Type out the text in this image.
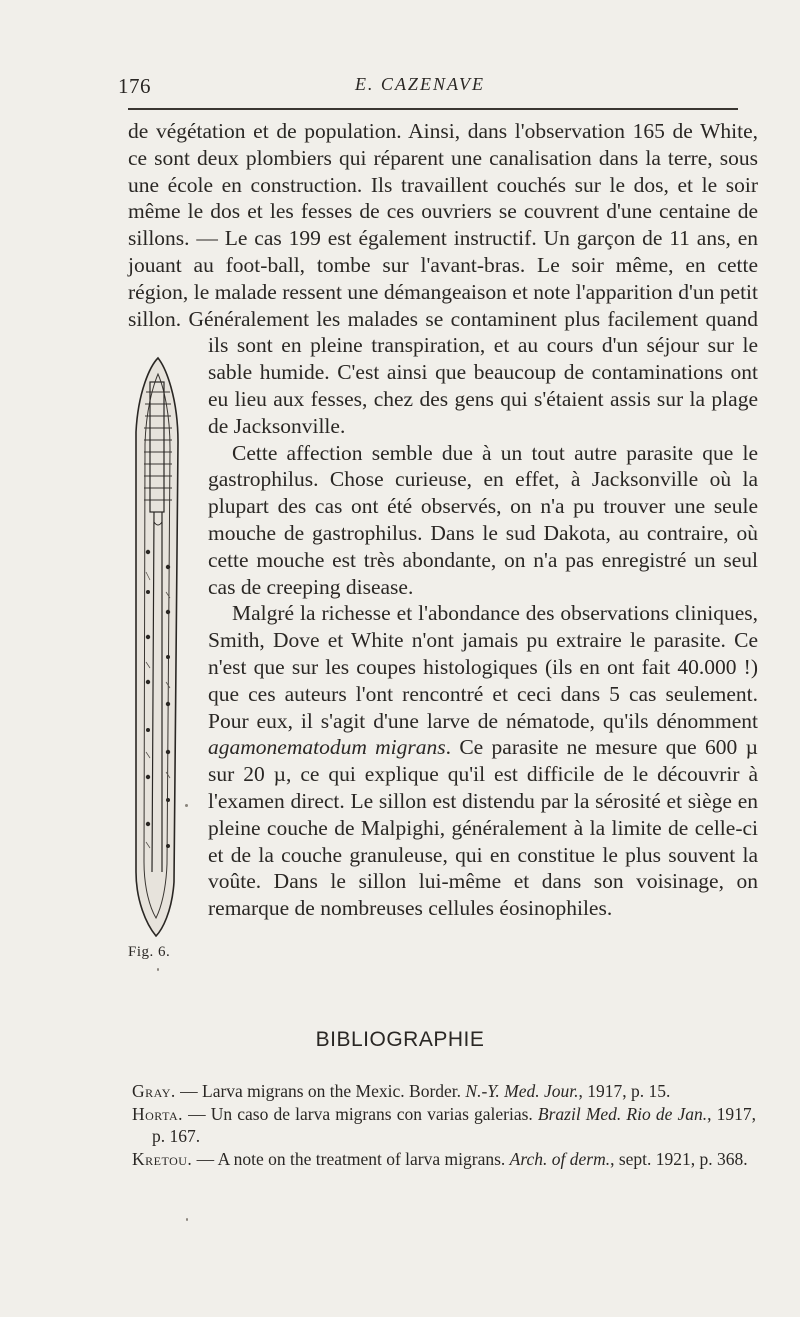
176	E. CAZENAVE

de végétation et de population. Ainsi, dans l'observation 165 de White, ce sont deux plombiers qui réparent une canalisation dans la terre, sous une école en construction. Ils travaillent couchés sur le dos, et le soir même le dos et les fesses de ces ouvriers se couvrent d'une centaine de sillons. — Le cas 199 est également instructif. Un garçon de 11 ans, en jouant au foot-ball, tombe sur l'avant-bras. Le soir même, en cette région, le malade ressent une démangeaison et note l'apparition d'un petit sillon. Généralement les malades se contaminent plus facilement quand ils sont en pleine transpiration, et au cours d'un séjour sur le sable humide. C'est ainsi que beaucoup de contaminations ont eu lieu aux fesses, chez des gens qui s'étaient assis sur la plage de Jacksonville.

Cette affection semble due à un tout autre parasite que le gastrophilus. Chose curieuse, en effet, à Jacksonville où la plupart des cas ont été observés, on n'a pu trouver une seule mouche de gastrophilus. Dans le sud Dakota, au contraire, où cette mouche est très abondante, on n'a pas enregistré un seul cas de creeping disease.

Malgré la richesse et l'abondance des observations cliniques, Smith, Dove et White n'ont jamais pu extraire le parasite. Ce n'est que sur les coupes histologiques (ils en ont fait 40.000 !) que ces auteurs l'ont rencontré et ceci dans 5 cas seulement. Pour eux, il s'agit d'une larve de nématode, qu'ils dénomment agamonematodum migrans. Ce parasite ne mesure que 600 µ sur 20 µ, ce qui explique qu'il est difficile de le découvrir à l'examen direct. Le sillon est distendu par la sérosité et siège en pleine couche de Malpighi, généralement à la limite de celle-ci et de la couche granuleuse, qui en constitue le plus souvent la voûte. Dans le sillon lui-même et dans son voisinage, on remarque de nombreuses cellules éosinophiles.

Fig. 6.
BIBLIOGRAPHIE
Gray. — Larva migrans on the Mexic. Border. N.-Y. Med. Jour., 1917, p. 15.
Horta. — Un caso de larva migrans con varias galerias. Brazil Med. Rio de Jan., 1917, p. 167.
Kretou. — A note on the treatment of larva migrans. Arch. of derm., sept. 1921, p. 368.
